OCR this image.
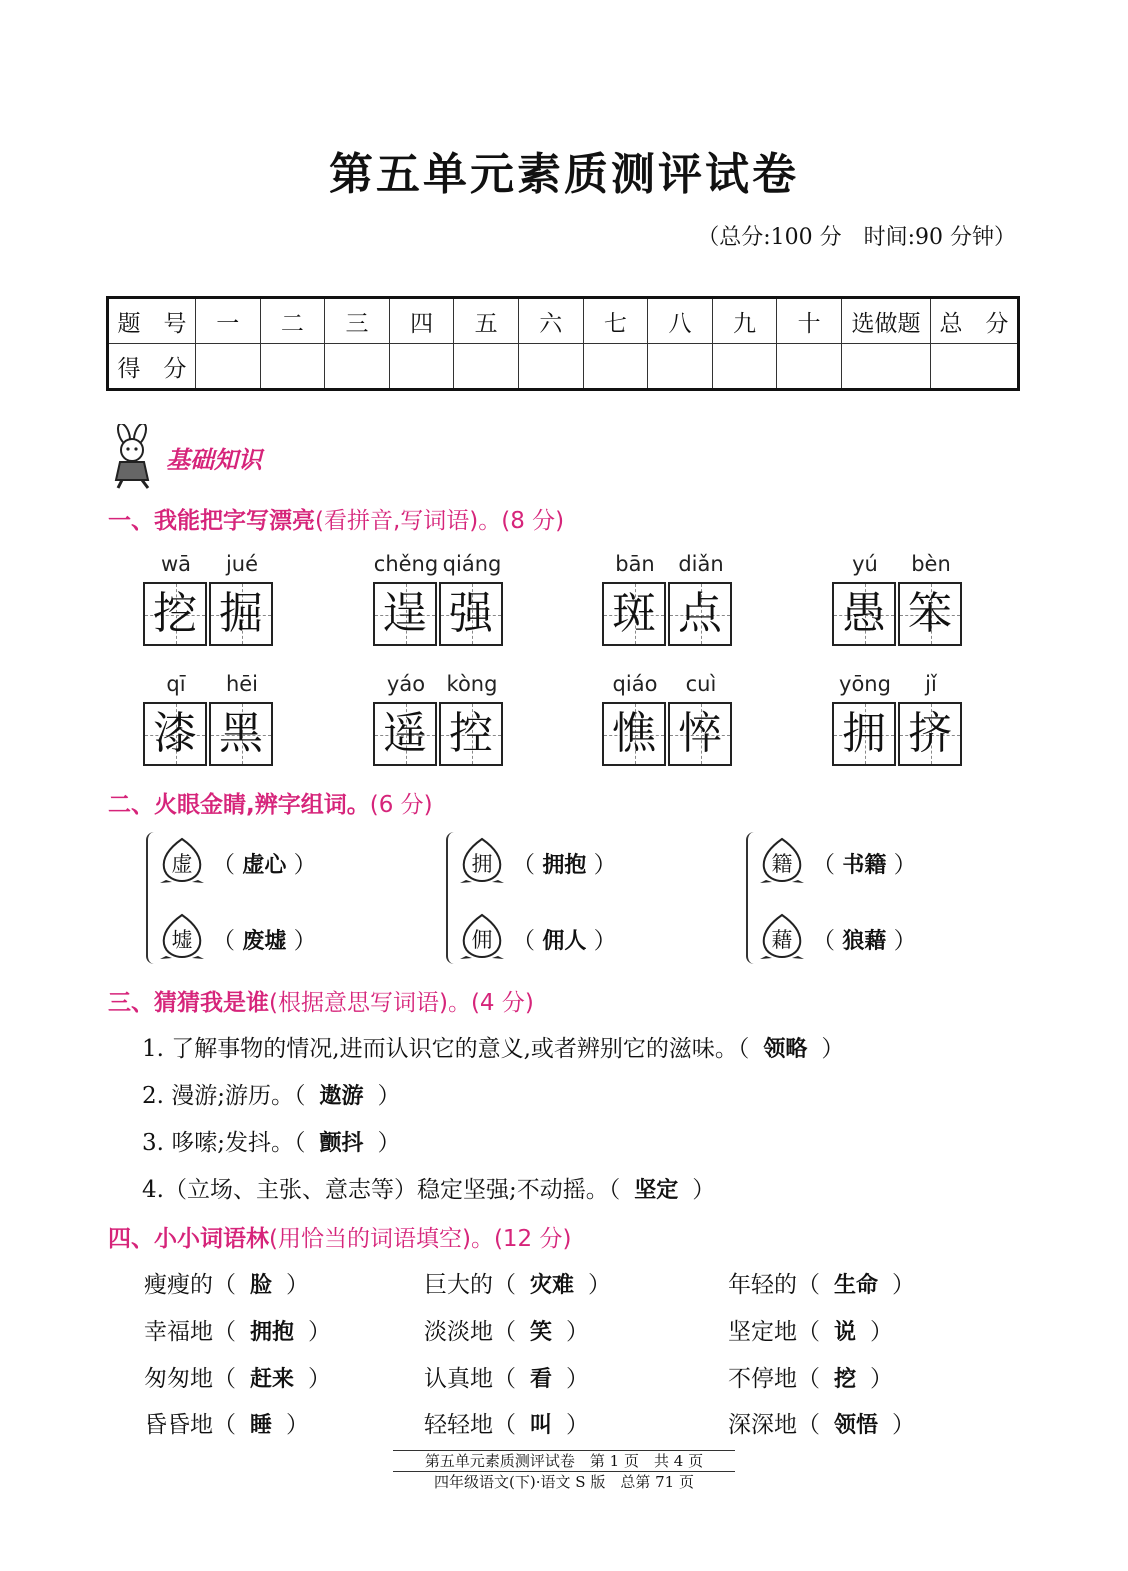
第五单元素质测评试卷
（总分:100 分　时间:90 分钟）
题　号	一	二	三	四	五	六	七	八	九	十	选做题	总　分
得　分												
基础知识
一、我能把字写漂亮(看拼音,写词语)。(8 分)
wā
挖
jué
掘
chěng
逞
qiáng
强
bān
斑
diǎn
点
yú
愚
bèn
笨
qī
漆
hēi
黑
yáo
遥
kòng
控
qiáo
憔
cuì
悴
yōng
拥
jǐ
挤
二、火眼金睛,辨字组词。(6 分)
虚 （ 虚心 ）
墟 （ 废墟 ）
拥 （ 拥抱 ）
佣 （ 佣人 ）
籍 （ 书籍 ）
藉 （ 狼藉 ）
三、猜猜我是谁(根据意思写词语)。(4 分)
1. 了解事物的情况,进而认识它的意义,或者辨别它的滋味。（ 领略 ）
2. 漫游;游历。（ 遨游 ）
3. 哆嗦;发抖。（ 颤抖 ）
4.（立场、主张、意志等）稳定坚强;不动摇。（ 坚定 ）
四、小小词语林(用恰当的词语填空)。(12 分)
瘦瘦的（ 脸 ）	巨大的（ 灾难 ）	年轻的（ 生命 ）
幸福地（ 拥抱 ）	淡淡地（ 笑 ）	坚定地（ 说 ）
匆匆地（ 赶来 ）	认真地（ 看 ）	不停地（ 挖 ）
昏昏地（ 睡 ）	轻轻地（ 叫 ）	深深地（ 领悟 ）
第五单元素质测评试卷　第 1 页　共 4 页
四年级语文(下)·语文 S 版　总第 71 页
